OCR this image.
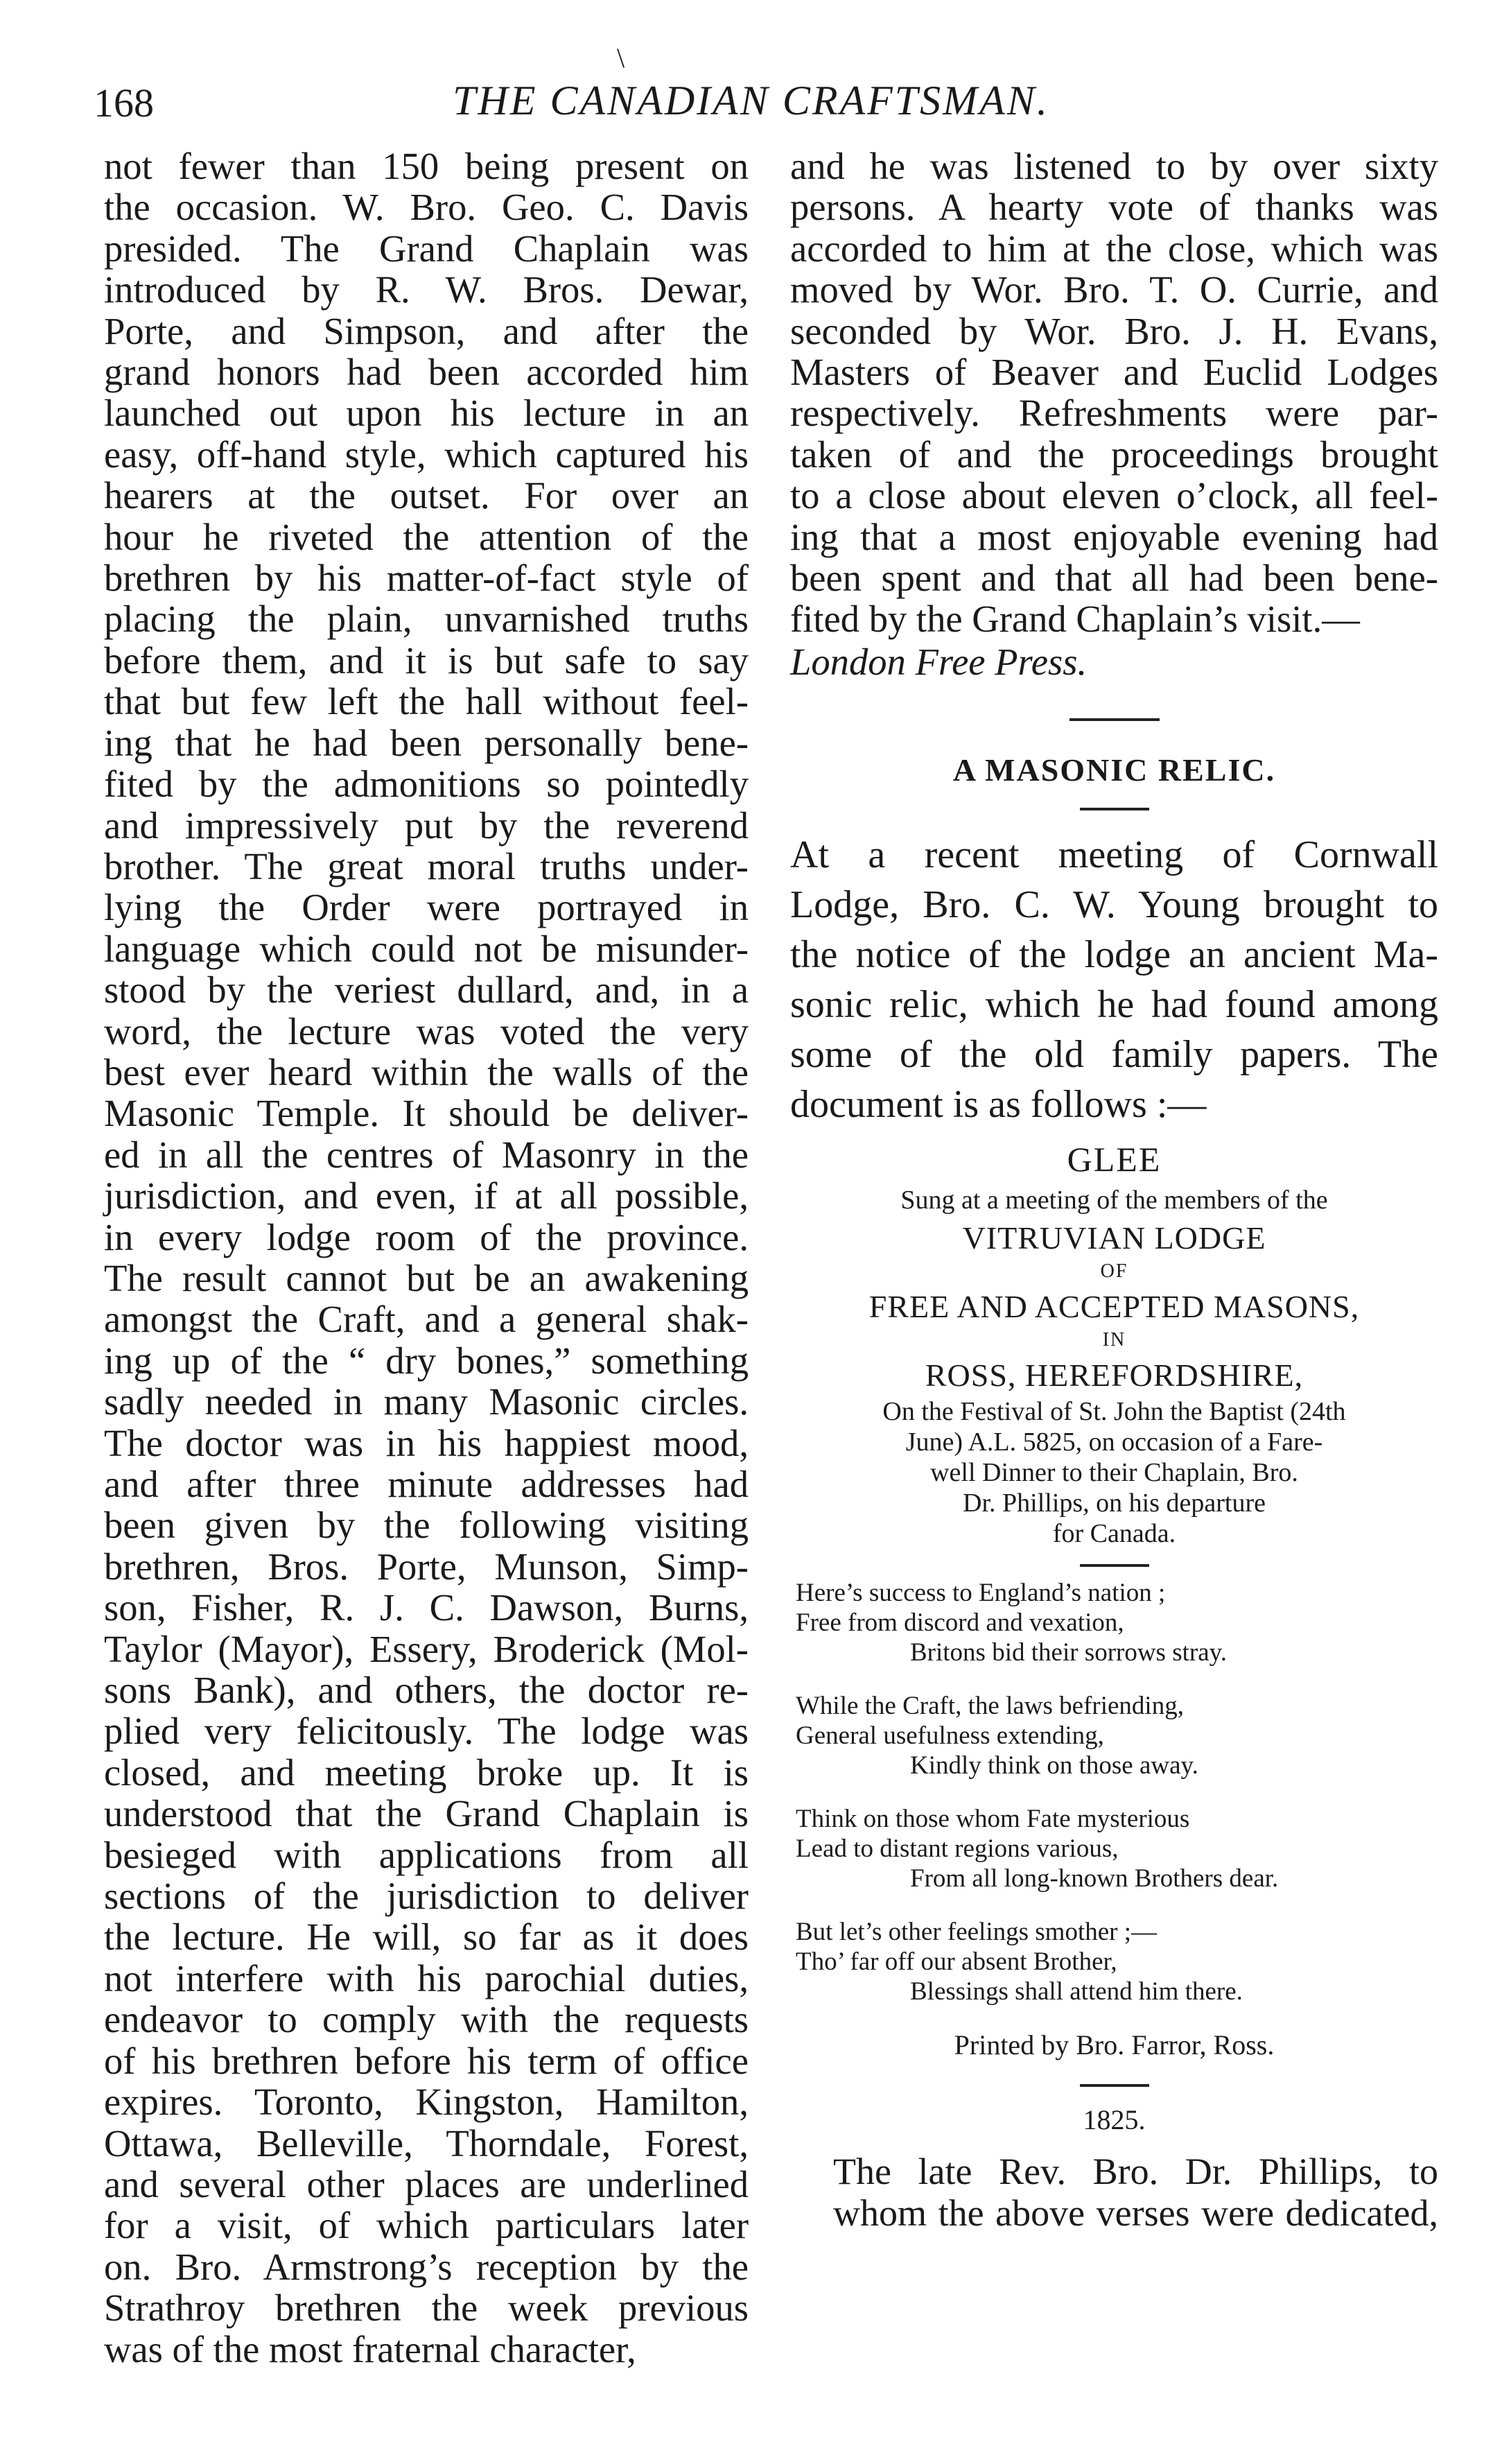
\
168	THE CANADIAN CRAFTSMAN.
not fewer than 150 being present on
the occasion. W. Bro. Geo. C. Davis
presided. The Grand Chaplain was
introduced by R. W. Bros. Dewar,
Porte, and Simpson, and after the
grand honors had been accorded him
launched out upon his lecture in an
easy, off-hand style, which captured his
hearers at the outset. For over an
hour he riveted the attention of the
brethren by his matter-of-fact style of
placing the plain, unvarnished truths
before them, and it is but safe to say
that but few left the hall without feel-
ing that he had been personally bene-
fited by the admonitions so pointedly
and impressively put by the reverend
brother. The great moral truths under-
lying the Order were portrayed in
language which could not be misunder-
stood by the veriest dullard, and, in a
word, the lecture was voted the very
best ever heard within the walls of the
Masonic Temple. It should be deliver-
ed in all the centres of Masonry in the
jurisdiction, and even, if at all possible,
in every lodge room of the province.
The result cannot but be an awakening
amongst the Craft, and a general shak-
ing up of the “ dry bones,” something
sadly needed in many Masonic circles.
The doctor was in his happiest mood,
and after three minute addresses had
been given by the following visiting
brethren, Bros. Porte, Munson, Simp-
son, Fisher, R. J. C. Dawson, Burns,
Taylor (Mayor), Essery, Broderick (Mol-
sons Bank), and others, the doctor re-
plied very felicitously. The lodge was
closed, and meeting broke up. It is
understood that the Grand Chaplain is
besieged with applications from all
sections of the jurisdiction to deliver
the lecture. He will, so far as it does
not interfere with his parochial duties,
endeavor to comply with the requests
of his brethren before his term of office
expires. Toronto, Kingston, Hamilton,
Ottawa, Belleville, Thorndale, Forest,
and several other places are underlined
for a visit, of which particulars later
on. Bro. Armstrong’s reception by the
Strathroy brethren the week previous
was of the most fraternal character,
and he was listened to by over sixty
persons. A hearty vote of thanks was
accorded to him at the close, which was
moved by Wor. Bro. T. O. Currie, and
seconded by Wor. Bro. J. H. Evans,
Masters of Beaver and Euclid Lodges
respectively. Refreshments were par-
taken of and the proceedings brought
to a close about eleven o’clock, all feel-
ing that a most enjoyable evening had
been spent and that all had been bene-
fited by the Grand Chaplain’s visit.—
London Free Press.
A MASONIC RELIC.
At a recent meeting of Cornwall
Lodge, Bro. C. W. Young brought to
the notice of the lodge an ancient Ma-
sonic relic, which he had found among
some of the old family papers. The
document is as follows :—
GLEE
Sung at a meeting of the members of the
VITRUVIAN LODGE
OF
FREE AND ACCEPTED MASONS,
IN
ROSS, HEREFORDSHIRE,
On the Festival of St. John the Baptist (24th
June) A.L. 5825, on occasion of a Fare-
well Dinner to their Chaplain, Bro.
Dr. Phillips, on his departure
for Canada.
Here’s success to England’s nation ;
Free from discord and vexation,
Britons bid their sorrows stray.
While the Craft, the laws befriending,
General usefulness extending,
Kindly think on those away.
Think on those whom Fate mysterious
Lead to distant regions various,
From all long-known Brothers dear.
But let’s other feelings smother ;—
Tho’ far off our absent Brother,
Blessings shall attend him there.
Printed by Bro. Farror, Ross.
1825.
The late Rev. Bro. Dr. Phillips, to
whom the above verses were dedicated,
